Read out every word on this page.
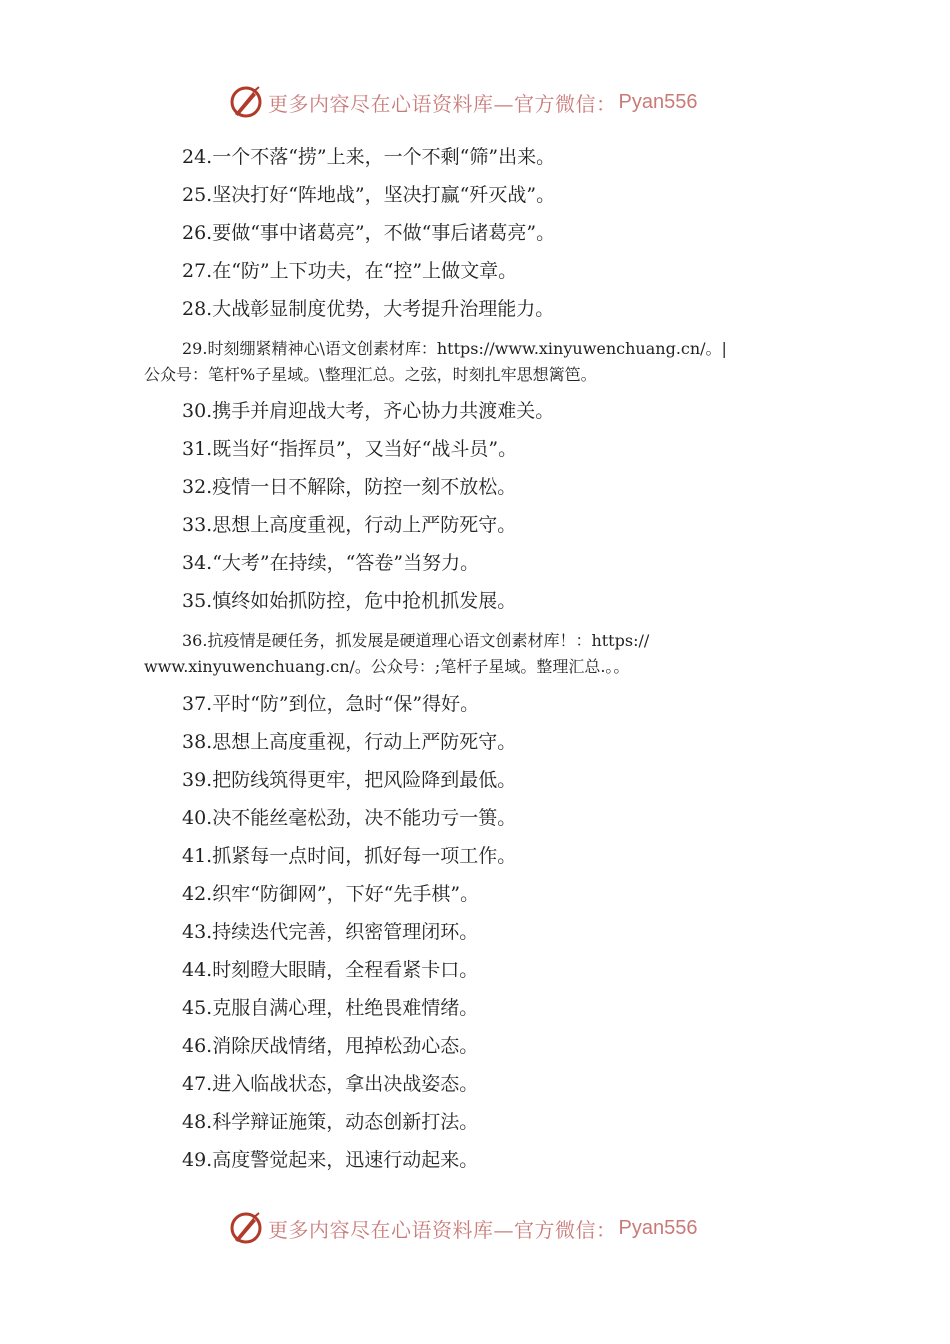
更多内容尽在心语资料库—官方微信： Pyan556
24.一个不落“捞”上来，一个不剩“筛”出来。
25.坚决打好“阵地战”，坚决打赢“歼灭战”。
26.要做“事中诸葛亮”，不做“事后诸葛亮”。
27.在“防”上下功夫，在“控”上做文章。
28.大战彰显制度优势，大考提升治理能力。
29.时刻绷紧精神心\语文创素材库：https://www.xinyuwenchuang.cn/。|
公众号：笔杆%子星域。\整理汇总。之弦，时刻扎牢思想篱笆。
30.携手并肩迎战大考，齐心协力共渡难关。
31.既当好“指挥员”，又当好“战斗员”。
32.疫情一日不解除，防控一刻不放松。
33.思想上高度重视，行动上严防死守。
34.“大考”在持续，“答卷”当努力。
35.慎终如始抓防控，危中抢机抓发展。
36.抗疫情是硬任务，抓发展是硬道理心语文创素材库！：https://
www.xinyuwenchuang.cn/。公众号：;笔杆子星域。整理汇总.。。
37.平时“防”到位，急时“保”得好。
38.思想上高度重视，行动上严防死守。
39.把防线筑得更牢，把风险降到最低。
40.决不能丝毫松劲，决不能功亏一篑。
41.抓紧每一点时间，抓好每一项工作。
42.织牢“防御网”，下好“先手棋”。
43.持续迭代完善，织密管理闭环。
44.时刻瞪大眼睛，全程看紧卡口。
45.克服自满心理，杜绝畏难情绪。
46.消除厌战情绪，甩掉松劲心态。
47.进入临战状态，拿出决战姿态。
48.科学辩证施策，动态创新打法。
49.高度警觉起来，迅速行动起来。
更多内容尽在心语资料库—官方微信： Pyan556
